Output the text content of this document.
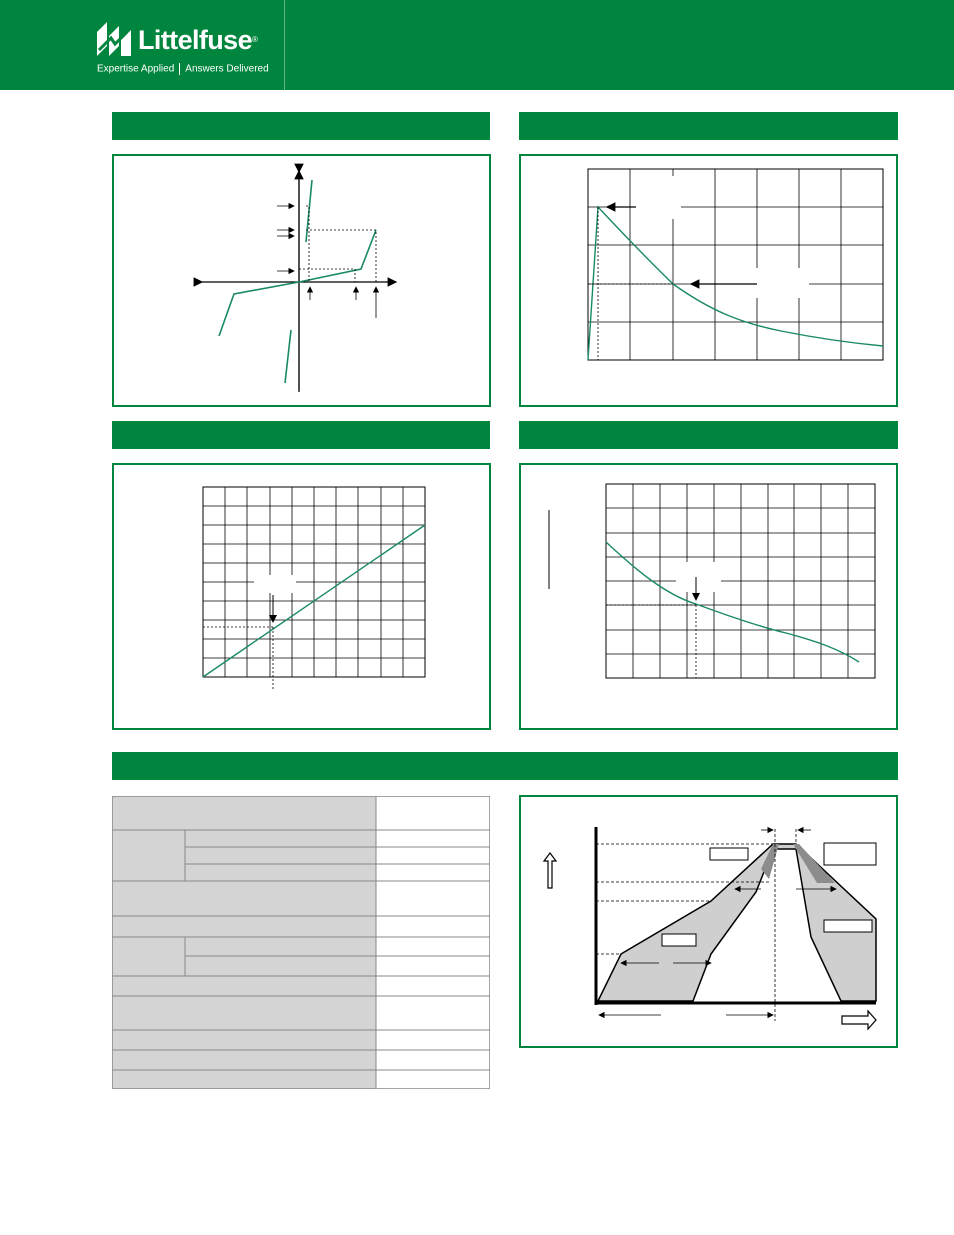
Littelfuse®
Expertise Applied Answers Delivered
